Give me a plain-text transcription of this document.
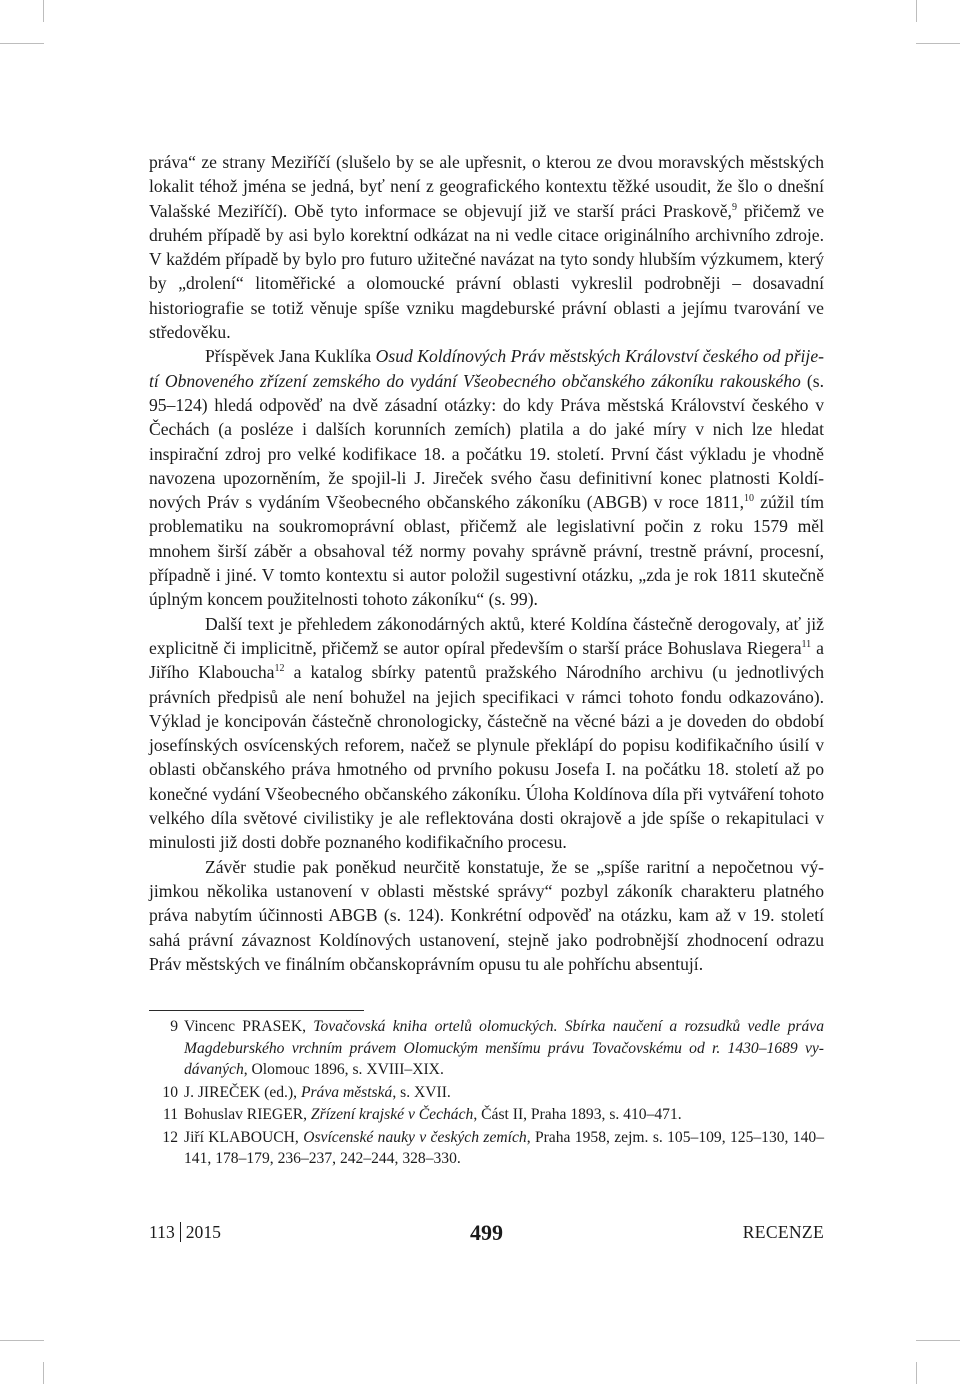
práva“ ze strany Meziříčí (slušelo by se ale upřesnit, o kterou ze dvou moravských městských lokalit téhož jména se jedná, byť není z geografického kontextu těžké usoudit, že šlo o dnešní Valašské Meziříčí). Obě tyto informace se objevují již ve starší práci Praskově,$^9$ přičemž ve druhém případě by asi bylo korektní odkázat na ni vedle citace originálního archivního zdroje. V každém případě by bylo pro futuro užitečné navázat na tyto sondy hlubším výzkumem, který by „drolení“ litoměřické a olomoucké právní oblasti vykreslil podrobněji – dosavadní historiografie se totiž věnuje spíše vzniku magdeburské právní oblasti a jejímu tvarování ve středověku.

Příspěvek Jana Kuklíka Osud Koldínových Práv městských Království českého od přijetí Obnoveného zřízení zemského do vydání Všeobecného občanského zákoníku rakouského (s. 95–124) hledá odpověď na dvě zásadní otázky: do kdy Práva městská Království českého v Čechách (a posléze i dalších korunních zemích) platila a do jaké míry v nich lze hledat inspirační zdroj pro velké kodifikace 18. a počátku 19. století. První část výkladu je vhodně navozena upozorněním, že spojil-li J. Jireček svého času definitivní konec platnosti Koldínových Práv s vydáním Všeobecného občanského zákoníku (ABGB) v roce 1811,10 zúžil tím problematiku na soukromoprávní oblast, přičemž ale legislativní počin z roku 1579 měl mnohem širší záběr a obsahoval též normy povahy správně právní, trestně právní, procesní, případně i jiné. V tomto kontextu si autor položil sugestivní otázku, „zda je rok 1811 skutečně úplným koncem použitelnosti tohoto zákoníku“ (s. 99).

Další text je přehledem zákonodárných aktů, které Koldína částečně derogovaly, ať již explicitně či implicitně, přičemž se autor opíral především o starší práce Bohuslava Riegera$^{11}$ a Jiřího Klaboucha$^{12}$ a katalog sbírky patentů pražského Národního archivu (u jednotlivých právních předpisů ale není bohužel na jejich specifikaci v rámci tohoto fondu odkazováno). Výklad je koncipován částečně chronologicky, částečně na věcné bázi a je doveden do období josefínských osvícenských reforem, načež se plynule překlápí do popisu kodifikačního úsilí v oblasti občanského práva hmotného od prvního pokusu Josefa I. na počátku 18. století až po konečné vydání Všeobecného občanského zákoníku. Úloha Koldínova díla při vytváření tohoto velkého díla světové civilistiky je ale reflektována dosti okrajově a jde spíše o rekapitulaci v minulosti již dosti dobře poznaného kodifikačního procesu.

Závěr studie pak poněkud neurčitě konstatuje, že se „spíše raritní a nepočetnou výjimkou několika ustanovení v oblasti městské správy“ pozbyl zákoník charakteru platného práva nabytím účinnosti ABGB (s. 124). Konkrétní odpověď na otázku, kam až v 19. století sahá právní závaznost Koldínových ustanovení, stejně jako podrobnější zhodnocení odrazu Práv městských ve finálním občanskoprávním opusu tu ale pohříchu absentují.

9 Vincenc PRASEK, Tovačovská kniha ortelů olomuckých. Sbírka naučení a rozsudků vedle práva Magdeburského vrchním právem Olomuckým menšímu právu Tovačovskému od r. 1430–1689 vydávaných, Olomouc 1896, s. XVIII–XIX.
10 J. JIREČEK (ed.), Práva městská, s. XVII.
11 Bohuslav RIEGER, Zřízení krajské v Čechách, Část II, Praha 1893, s. 410–471.
12 Jiří KLABOUCH, Osvícenské nauky v českých zemích, Praha 1958, zejm. s. 105–109, 125–130, 140–141, 178–179, 236–237, 242–244, 328–330.
113 2015	499	RECENZE
